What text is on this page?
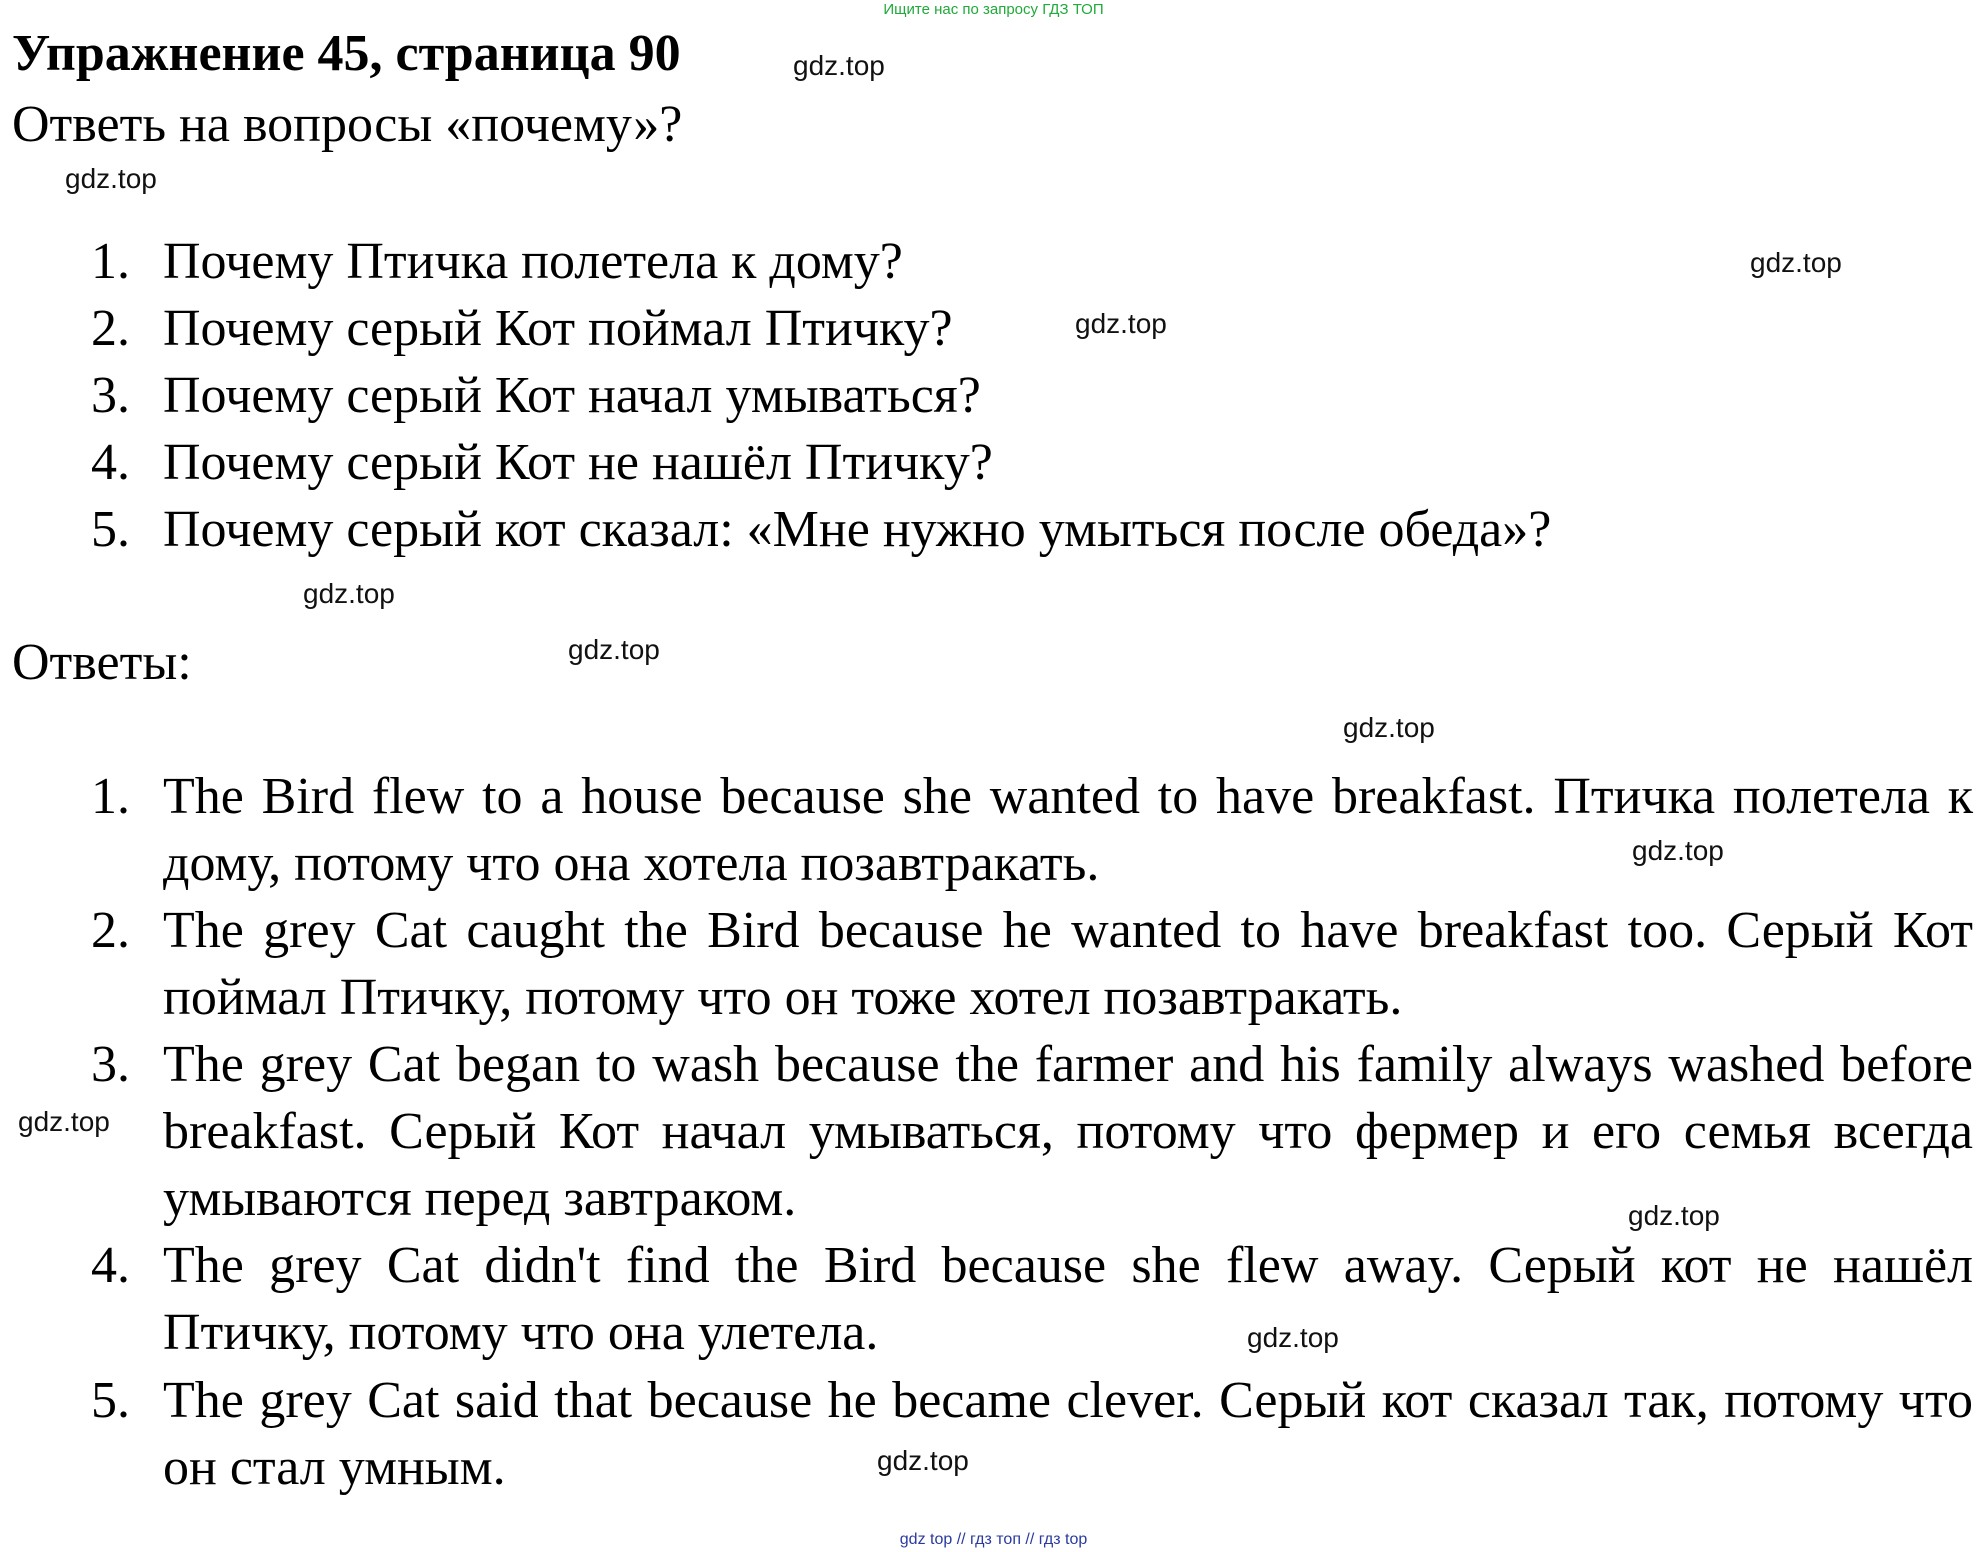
Ищите нас по запросу ГДЗ ТОП
Упражнение 45, страница 90
Ответь на вопросы «почему»?
1. Почему Птичка полетела к дому?
2. Почему серый Кот поймал Птичку?
3. Почему серый Кот начал умываться?
4. Почему серый Кот не нашёл Птичку?
5. Почему серый кот сказал: «Мне нужно умыться после обеда»?
Ответы:
1. The Bird flew to a house because she wanted to have breakfast. Птичка полетела к дому, потому что она хотела позавтракать.
2. The grey Cat caught the Bird because he wanted to have breakfast too. Серый Кот поймал Птичку, потому что он тоже хотел позавтракать.
3. The grey Cat began to wash because the farmer and his family always washed before breakfast. Серый Кот начал умываться, потому что фермер и его семья всегда умываются перед завтраком.
4. The grey Cat didn't find the Bird because she flew away. Серый кот не нашёл Птичку, потому что она улетела.
5. The grey Cat said that because he became clever. Серый кот сказал так, потому что он стал умным.
gdz.top
gdz.top
gdz.top
gdz.top
gdz.top
gdz.top
gdz.top
gdz.top
gdz.top
gdz.top
gdz.top
gdz.top
gdz top // гдз топ // гдз top
